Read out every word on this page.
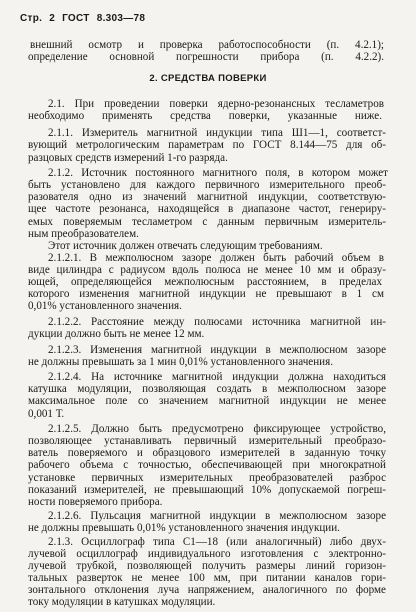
Стр. 2 ГОСТ 8.303—78
2. СРЕДСТВА ПОВЕРКИ
внешний осмотр и проверка работоспособности (п. 4.2.1);
определение основной погрешности прибора (п. 4.2.2).
2.1. При проведении поверки ядерно-резонансных тесламетров
необходимо применять средства поверки, указанные ниже.
2.1.1. Измеритель магнитной индукции типа Ш1—1, соответст-
вующий метрологическим параметрам по ГОСТ 8.144—75 для об-
разцовых средств измерений 1-го разряда.
2.1.2. Источник постоянного магнитного поля, в котором может
быть установлено для каждого первичного измерительного преоб-
разователя одно из значений магнитной индукции, соответствую-
щее частоте резонанса, находящейся в диапазоне частот, генериру-
емых поверяемым тесламетром с данным первичным измеритель-
ным преобразователем.
Этот источник должен отвечать следующим требованиям.
2.1.2.1. В межполюсном зазоре должен быть рабочий объем в
виде цилиндра с радиусом вдоль полюса не менее 10 мм и образу-
ющей, определяющейся межполюсным расстоянием, в пределах
которого изменения магнитной индукции не превышают в 1 см
0,01% установленного значения.
2.1.2.2. Расстояние между полюсами источника магнитной ин-
дукции должно быть не менее 12 мм.
2.1.2.3. Изменения магнитной индукции в межполюсном зазоре
не должны превышать за 1 мин 0,01% установленного значения.
2.1.2.4. На источнике магнитной индукции должна находиться
катушка модуляции, позволяющая создать в межполюсном зазоре
максимальное поле со значением магнитной индукции не менее
0,001 Т.
2.1.2.5. Должно быть предусмотрено фиксирующее устройство,
позволяющее устанавливать первичный измерительный преобразо-
ватель поверяемого и образцового измерителей в заданную точку
рабочего объема с точностью, обеспечивающей при многократной
установке первичных измерительных преобразователей разброс
показаний измерителей, не превышающий 10% допускаемой погреш-
ности поверяемого прибора.
2.1.2.6. Пульсация магнитной индукции в межполюсном зазоре
не должны превышать 0,01% установленного значения индукции.
2.1.3. Осциллограф типа С1—18 (или аналогичный) либо двух-
лучевой осциллограф индивидуального изготовления с электронно-
лучевой трубкой, позволяющей получить размеры линий горизон-
тальных разверток не менее 100 мм, при питании каналов гори-
зонтального отклонения луча напряжением, аналогичного по форме
току модуляции в катушках модуляции.
